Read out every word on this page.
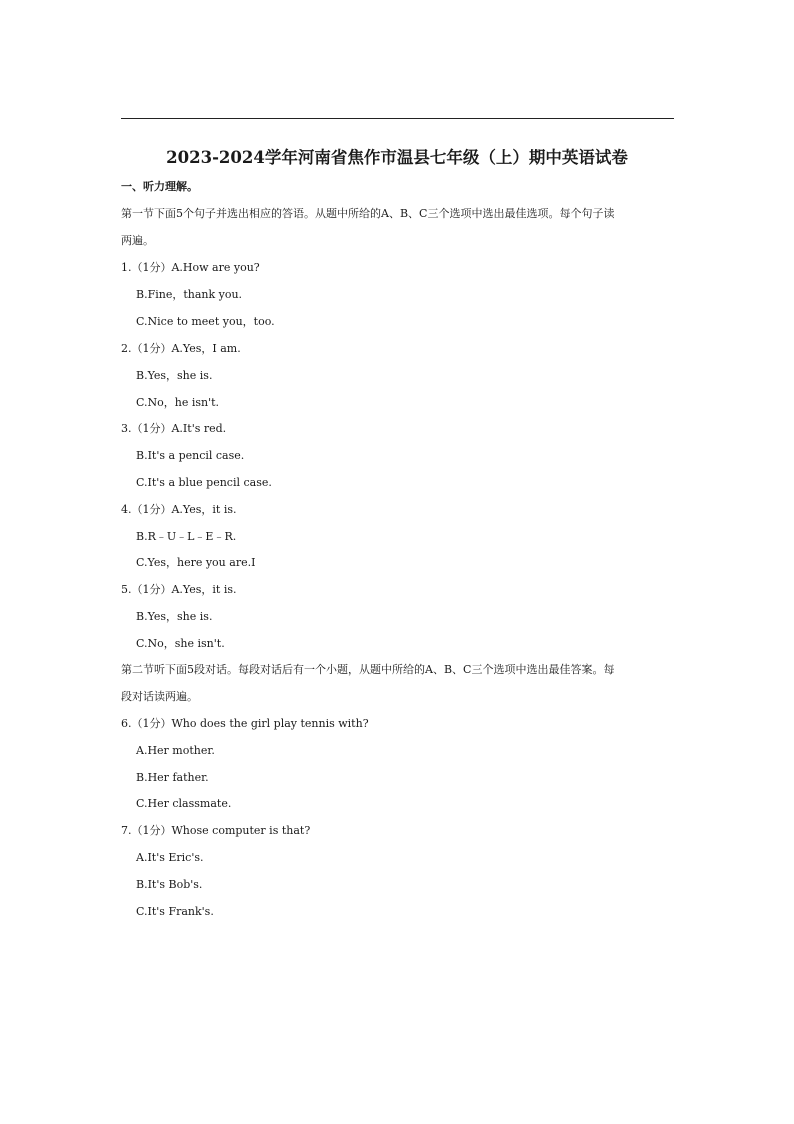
2023-2024学年河南省焦作市温县七年级（上）期中英语试卷
一、听力理解。
第一节下面5个句子并选出相应的答语。从题中所给的A、B、C三个选项中选出最佳选项。每个句子读
两遍。
1.（1分）A.How are you?
B.Fine，thank you.
C.Nice to meet you，too.
2.（1分）A.Yes，I am.
B.Yes，she is.
C.No，he isn't.
3.（1分）A.It's red.
B.It's a pencil case.
C.It's a blue pencil case.
4.（1分）A.Yes，it is.
B.R﹣U﹣L﹣E﹣R.
C.Yes，here you are.I
5.（1分）A.Yes，it is.
B.Yes，she is.
C.No，she isn't.
第二节听下面5段对话。每段对话后有一个小题，从题中所给的A、B、C三个选项中选出最佳答案。每
段对话读两遍。
6.（1分）Who does the girl play tennis with?
A.Her mother.
B.Her father.
C.Her classmate.
7.（1分）Whose computer is that?
A.It's Eric's.
B.It's Bob's.
C.It's Frank's.
